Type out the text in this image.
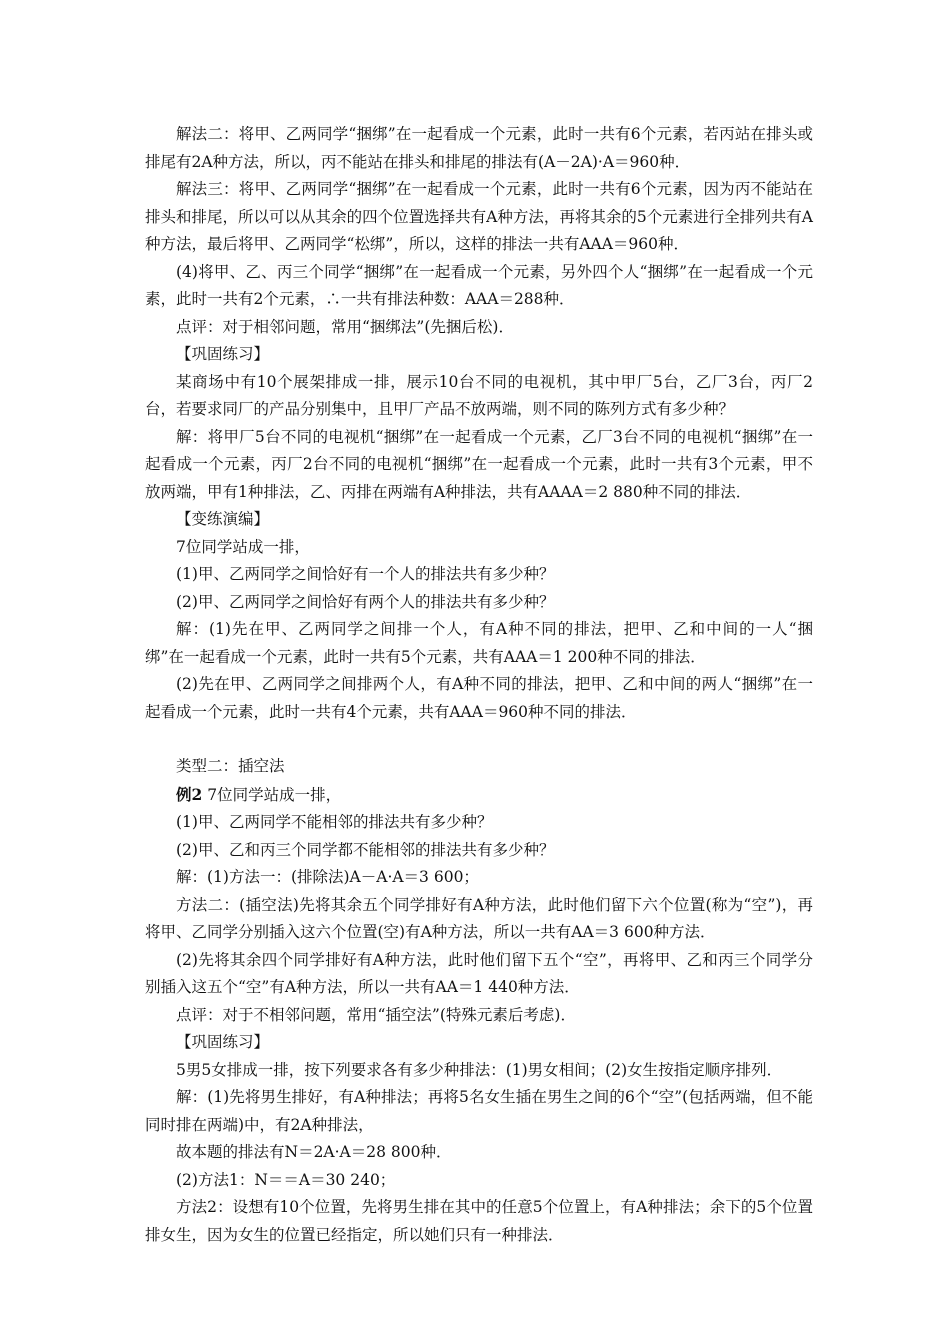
解法二：将甲、乙两同学“捆绑”在一起看成一个元素，此时一共有6个元素，若丙站在排头或排尾有2A种方法，所以，丙不能站在排头和排尾的排法有(A－2A)·A＝960种．

解法三：将甲、乙两同学“捆绑”在一起看成一个元素，此时一共有6个元素，因为丙不能站在排头和排尾，所以可以从其余的四个位置选择共有A种方法，再将其余的5个元素进行全排列共有A种方法，最后将甲、乙两同学“松绑”，所以，这样的排法一共有AAA＝960种．

(4)将甲、乙、丙三个同学“捆绑”在一起看成一个元素，另外四个人“捆绑”在一起看成一个元素，此时一共有2个元素，∴一共有排法种数：AAA＝288种．

点评：对于相邻问题，常用“捆绑法”(先捆后松)．

【巩固练习】

某商场中有10个展架排成一排，展示10台不同的电视机，其中甲厂5台，乙厂3台，丙厂2台，若要求同厂的产品分别集中，且甲厂产品不放两端，则不同的陈列方式有多少种？

解：将甲厂5台不同的电视机“捆绑”在一起看成一个元素，乙厂3台不同的电视机“捆绑”在一起看成一个元素，丙厂2台不同的电视机“捆绑”在一起看成一个元素，此时一共有3个元素，甲不放两端，甲有1种排法，乙、丙排在两端有A种排法，共有AAAA＝2 880种不同的排法．

【变练演编】

7位同学站成一排，

(1)甲、乙两同学之间恰好有一个人的排法共有多少种？

(2)甲、乙两同学之间恰好有两个人的排法共有多少种？

解：(1)先在甲、乙两同学之间排一个人，有A种不同的排法，把甲、乙和中间的一人“捆绑”在一起看成一个元素，此时一共有5个元素，共有AAA＝1 200种不同的排法．

(2)先在甲、乙两同学之间排两个人，有A种不同的排法，把甲、乙和中间的两人“捆绑”在一起看成一个元素，此时一共有4个元素，共有AAA＝960种不同的排法．

类型二：插空法

例2 7位同学站成一排，

(1)甲、乙两同学不能相邻的排法共有多少种？

(2)甲、乙和丙三个同学都不能相邻的排法共有多少种？

解：(1)方法一：(排除法)A－A·A＝3 600；

方法二：(插空法)先将其余五个同学排好有A种方法，此时他们留下六个位置(称为“空”)，再将甲、乙同学分别插入这六个位置(空)有A种方法，所以一共有AA＝3 600种方法．

(2)先将其余四个同学排好有A种方法，此时他们留下五个“空”，再将甲、乙和丙三个同学分别插入这五个“空”有A种方法，所以一共有AA＝1 440种方法．

点评：对于不相邻问题，常用“插空法”(特殊元素后考虑)．

【巩固练习】

5男5女排成一排，按下列要求各有多少种排法：(1)男女相间；(2)女生按指定顺序排列．

解：(1)先将男生排好，有A种排法；再将5名女生插在男生之间的6个“空”(包括两端，但不能同时排在两端)中，有2A种排法，

故本题的排法有N＝2A·A＝28 800种．

(2)方法1：N＝＝A＝30 240；

方法2：设想有10个位置，先将男生排在其中的任意5个位置上，有A种排法；余下的5个位置排女生，因为女生的位置已经指定，所以她们只有一种排法．
